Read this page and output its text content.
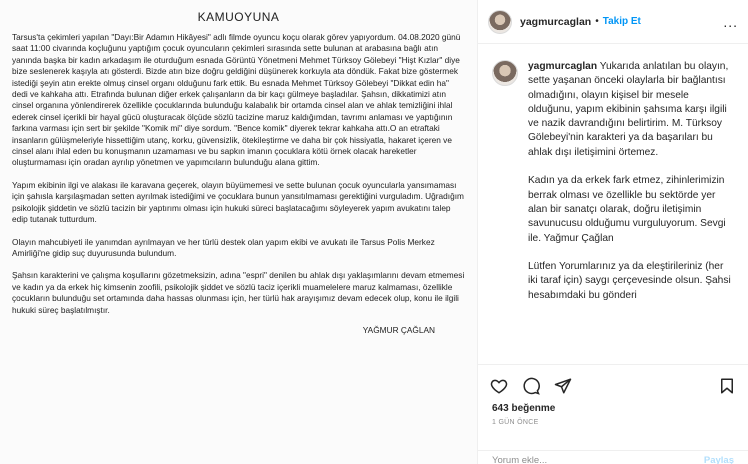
KAMUOYUNA

Tarsus'ta çekimleri yapılan "Dayı:Bir Adamın Hikâyesi" adlı filmde oyuncu koçu olarak görev yapıyordum. 04.08.2020 günü saat 11:00 civarında koçluğunu yaptığım çocuk oyuncuların çekimleri sırasında sette bulunan at arabasına bağlı atın yanında başka bir kadın arkadaşım ile oturduğum esnada Görüntü Yönetmeni Mehmet Türksoy Gölebeyi "Hişt Kızlar" diye bize seslenerek kaşıyla atı gösterdi. Bizde atın bize doğru geldiğini düşünerek korkuyla ata döndük. Fakat bize göstermek istediği şeyin atın erekte olmuş cinsel organı olduğunu fark ettik. Bu esnada Mehmet Türksoy Gölebeyi "Dikkat edin ha" dedi ve kahkaha attı. Etrafında bulunan diğer erkek çalışanların da bir kaçı gülmeye başladılar. Şahsın, dikkatimizi atın cinsel organına yönlendirerek özellikle çocuklarında bulunduğu kalabalık bir ortamda cinsel alan ve ahlak temizliğini ihlal ederek cinsel içerikli bir hayal gücü oluşturacak ölçüde sözlü tacizine maruz kaldığımdan, tavrımı anlaması ve yaptığının farkına varması için sert bir şekilde "Komik mi" diye sordum. "Bence komik" diyerek tekrar kahkaha attı.O an etraftaki insanların gülüşmeleriyle hissettiğim utanç, korku, güvensizlik, ötekileştirme ve daha bir çok hissiyatla, hakaret içeren ve cinsel alanı ihlal eden bu konuşmanın uzamaması ve bu sapkın imanın çocuklara kötü örnek olacak hareketler oluşturmaması için oradan ayrılıp yönetmen ve yapımcıların bulunduğu alana gittim.

Yapım ekibinin ilgi ve alakası ile karavana geçerek, olayın büyümemesi ve sette bulunan çocuk oyuncularla yansımaması için şahısla karşılaşmadan setten ayrılmak istediğimi ve çocuklara bunun yansıtılmaması gerektiğini vurguladım. Uğradığım psikolojik şiddetin ve sözlü tacizin bir yaptırımı olması için hukuki süreci başlatacağımı söyleyerek yapım avukatını talep edip tutanak tutturdum.

Olayın mahcubiyeti ile yanımdan ayrılmayan ve her türlü destek olan yapım ekibi ve avukatı ile Tarsus Polis Merkez Amirliği'ne gidip suç duyurusunda bulundum.

Şahsın karakterini ve çalışma koşullarını gözetmeksizin, adına "espri" denilen bu ahlak dışı yaklaşımlarını devam etmemesi ve kadın ya da erkek hiç kimsenin zoofili, psikolojik şiddet ve sözlü taciz içerikli muamelelere maruz kalmaması, özellikle çocukların bulunduğu set ortamında daha hassas olunması için, her türlü hak arayışımız devam edecek olup, konu ile ilgili hukuki süreç başlatılmıştır.

YAĞMUR ÇAĞLAN
yagmurcaglan • Takip Et	...

yagmurcaglan Yukarıda anlatılan bu olayın, sette yaşanan önceki olaylarla bir bağlantısı olmadığını, olayın kişisel bir mesele olduğunu, yapım ekibinin şahsıma karşı ilgili ve nazik davrandığını belirtirim. M. Türksoy Gölebeyi'nin karakteri ya da başarıları bu ahlak dışı iletişimini örtemez.

Kadın ya da erkek fark etmez, zihinlerimizin berrak olması ve özellikle bu sektörde yer alan bir sanatçı olarak, doğru iletişimin savunucusu olduğumu vurguluyorum. Sevgi ile. Yağmur Çağlan

Lütfen Yorumlarınız ya da eleştirileriniz (her iki taraf için) saygı çerçevesinde olsun. Şahsi hesabımdaki bu gönderi

643 beğenme
1 GÜN ÖNCE
Yorum ekle...
Paylaş
